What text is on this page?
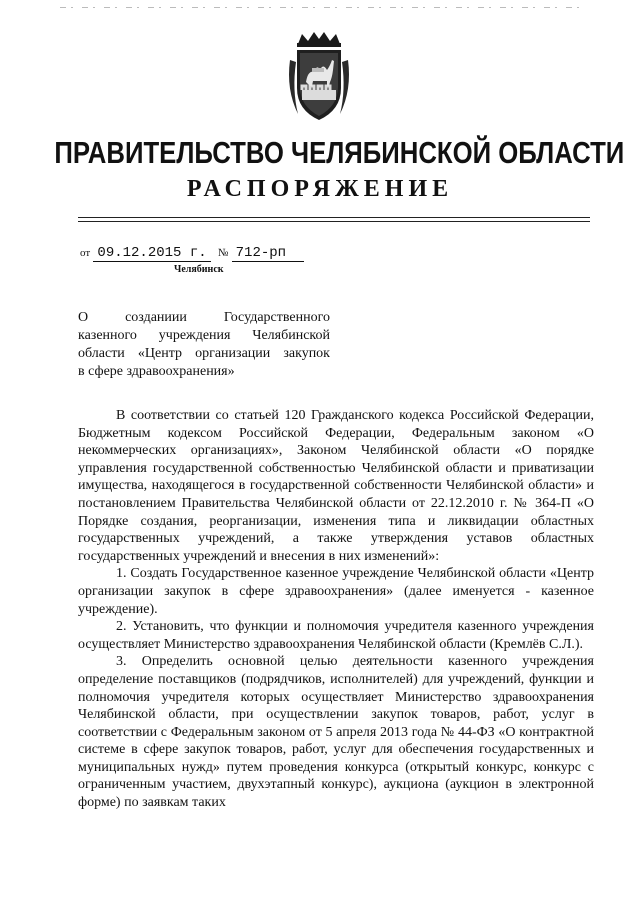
ПРАВИТЕЛЬСТВО ЧЕЛЯБИНСКОЙ ОБЛАСТИ
РАСПОРЯЖЕНИЕ
от 09.12.2015 г. № 712-рп
Челябинск
О созданиии Государственного
казенного учреждения Челябинской
области «Центр организации закупок
в сфере здравоохранения»

В соответствии со статьей 120 Гражданского кодекса Российской Федерации, Бюджетным кодексом Российской Федерации, Федеральным законом «О некоммерческих организациях», Законом Челябинской области «О порядке управления государственной собственностью Челябинской области и приватизации имущества, находящегося в государственной собственности Челябинской области» и постановлением Правительства Челябинской области от 22.12.2010 г. № 364-П «О Порядке создания, реорганизации, изменения типа и ликвидации областных государственных учреждений, а также утверждения уставов областных государственных учреждений и внесения в них изменений»:

1. Создать Государственное казенное учреждение Челябинской области «Центр организации закупок в сфере здравоохранения» (далее именуется - казенное учреждение).

2. Установить, что функции и полномочия учредителя казенного учреждения осуществляет Министерство здравоохранения Челябинской области (Кремлёв С.Л.).

3. Определить основной целью деятельности казенного учреждения определение поставщиков (подрядчиков, исполнителей) для учреждений, функции и полномочия учредителя которых осуществляет Министерство здравоохранения Челябинской области, при осуществлении закупок товаров, работ, услуг в соответствии с Федеральным законом от 5 апреля 2013 года № 44-ФЗ «О контрактной системе в сфере закупок товаров, работ, услуг для обеспечения государственных и муниципальных нужд» путем проведения конкурса (открытый конкурс, конкурс с ограниченным участием, двухэтапный конкурс), аукциона (аукцион в электронной форме) по заявкам таких
